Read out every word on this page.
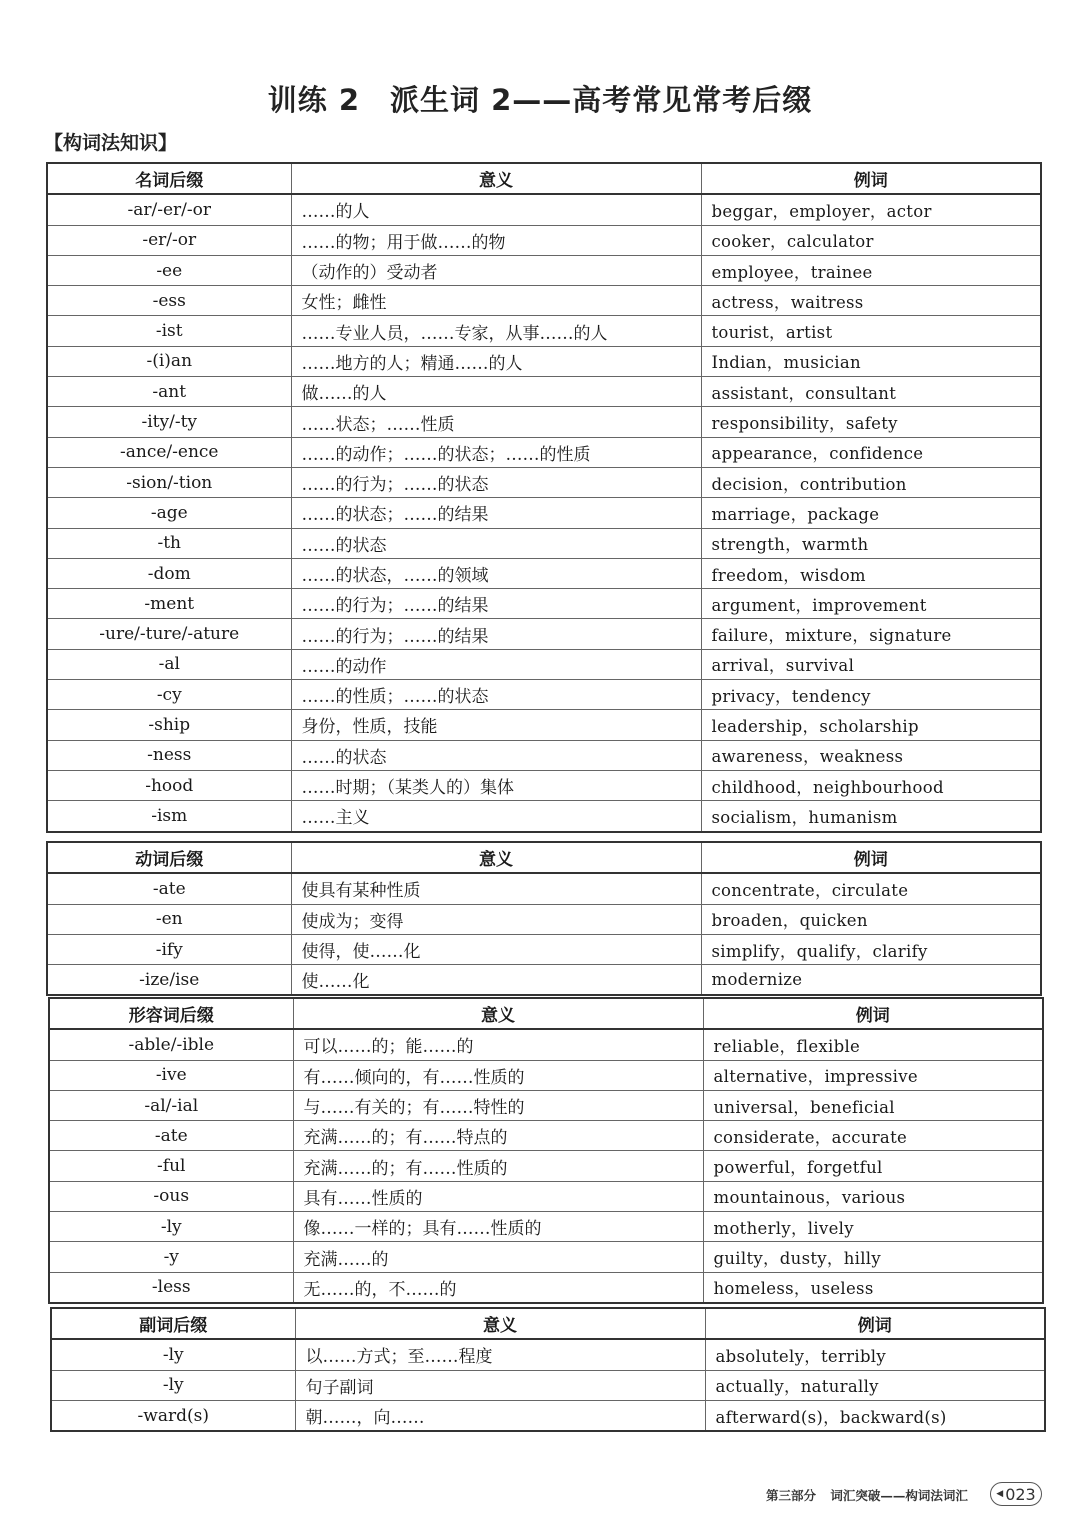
训练 2　派生词 2——高考常见常考后缀
【构词法知识】
名词后缀	意义	例词
-ar/-er/-or	……的人	beggar，employer，actor
-er/-or	……的物；用于做……的物	cooker，calculator
-ee	（动作的）受动者	employee，trainee
-ess	女性；雌性	actress，waitress
-ist	……专业人员，……专家，从事……的人	tourist，artist
-(i)an	……地方的人；精通……的人	Indian，musician
-ant	做……的人	assistant，consultant
-ity/-ty	……状态；……性质	responsibility，safety
-ance/-ence	……的动作；……的状态；……的性质	appearance，confidence
-sion/-tion	……的行为；……的状态	decision，contribution
-age	……的状态；……的结果	marriage，package
-th	……的状态	strength，warmth
-dom	……的状态，……的领域	freedom，wisdom
-ment	……的行为；……的结果	argument，improvement
-ure/-ture/-ature	……的行为；……的结果	failure，mixture，signature
-al	……的动作	arrival，survival
-cy	……的性质；……的状态	privacy，tendency
-ship	身份，性质，技能	leadership，scholarship
-ness	……的状态	awareness，weakness
-hood	……时期；（某类人的）集体	childhood，neighbourhood
-ism	……主义	socialism，humanism
动词后缀	意义	例词
-ate	使具有某种性质	concentrate，circulate
-en	使成为；变得	broaden，quicken
-ify	使得，使……化	simplify，qualify，clarify
-ize/ise	使……化	modernize
形容词后缀	意义	例词
-able/-ible	可以……的；能……的	reliable，flexible
-ive	有……倾向的，有……性质的	alternative，impressive
-al/-ial	与……有关的；有……特性的	universal，beneficial
-ate	充满……的；有……特点的	considerate，accurate
-ful	充满……的；有……性质的	powerful，forgetful
-ous	具有……性质的	mountainous，various
-ly	像……一样的；具有……性质的	motherly，lively
-y	充满……的	guilty，dusty，hilly
-less	无……的，不……的	homeless，useless
副词后缀	意义	例词
-ly	以……方式；至……程度	absolutely，terribly
-ly	句子副词	actually，naturally
-ward(s)	朝……，向……	afterward(s)，backward(s)
第三部分 词汇突破——构词法词汇	◀ 023
